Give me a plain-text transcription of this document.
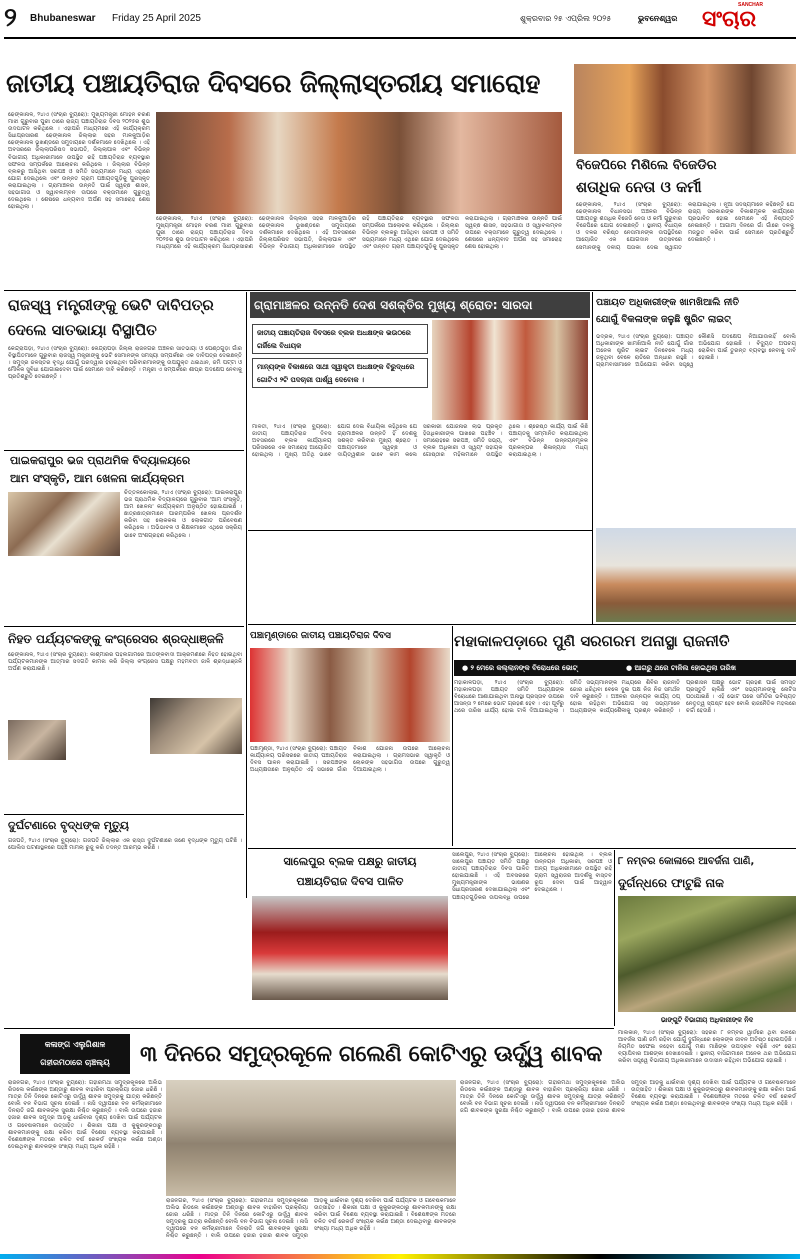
୨	Bhubaneswar	Friday 25 April 2025	ଶୁକ୍ରବାର ୨୫ ଏପ୍ରିଲ ୨୦୨୫	ଭୁବନେଶ୍ୱର
SANCHAR
ସଂଚାର
ଜାତୀୟ ପଞ୍ଚାୟତିରାଜ ଦିବସରେ ଜିଲ୍ଲାସ୍ତରୀୟ ସମାରୋହ
ଢେଙ୍କାନାଳ, ୨୪ାଏ (ସଂଚାର ବ୍ୟୁରୋ): ମୁଖ୍ୟମନ୍ତ୍ରୀ ମୋହନ ଚରଣ ମାଝୀ ଗୁରୁବାର ପୁରୀ ଠାରେ ରାଜ୍ୟ ପଞ୍ଚାୟତିରାଜ ଦିବସ ୨୦୨୫ର ଶୁଭ ଉଦଘାଟନ କରିଥିଲେ । ଏହାପରି ମାଧ୍ୟମରେ ଏହି କାର୍ଯ୍ୟକ୍ରମ ସିଧାପ୍ରସାରଣ ଢେଙ୍କାନାଳ ଜିଲ୍ଲାର ସହର ମାଳକୁଆଡ଼ିର ଢେଙ୍କାନାଳ ଭୂଖଣ୍ଡରେ ସମୁଦାୟରେ ଦର୍ଶକମାନେ ଦେଖିଥିଲେ । ଏହି ଅବସରରେ ଜିଲ୍ଲାପରିଷଦ ସଭାପତି, ଜିଲ୍ଲାପାଳ ଏବଂ ବିଭିନ୍ନ ବିଭାଗୀୟ ଅଧିକାରୀମାନେ ଉପସ୍ଥିତ ରହି ପଞ୍ଚାୟତିରାଜ ବ୍ୟବସ୍ଥାର ସଫଳତା ସମ୍ପର୍କରେ ଆଲୋଚନା କରିଥିଲେ । ଜିଲ୍ଲାର ବିଭିନ୍ନ ବ୍ଲକରୁ ଆସିଥିବା ସରପଞ୍ଚ ଓ ସମିତି ସଭ୍ୟମାନେ ମଧ୍ୟ ଏଥିରେ ଯୋଗ ଦେଇଥିଲେ ଏବଂ ଉନ୍ନତ ଗ୍ରାମ ପଞ୍ଚାୟତଗୁଡ଼ିକୁ ପୁରସ୍କୃତ କରାଯାଇଥିଲା । ଗ୍ରାମାଞ୍ଚଳର ଉନ୍ନତି ପାଇଁ ସ୍ୱଚ୍ଛ ଶାସନ, ସହଭାଗୀତା ଓ ସ୍ୱାବଲମ୍ବନ ଉପରେ ବକ୍ତାମାନେ ଗୁରୁତ୍ୱ ଦେଇଥିଲେ । ଶେଷରେ ଧନ୍ୟବାଦ ଅର୍ପଣ ସହ ସମାରୋହ ଶେଷ ହୋଇଥିଲା ।
ଢେଙ୍କାନାଳ, ୨୪ାଏ (ସଂଚାର ବ୍ୟୁରୋ): ମୁଖ୍ୟମନ୍ତ୍ରୀ ମୋହନ ଚରଣ ମାଝୀ ଗୁରୁବାର ପୁରୀ ଠାରେ ରାଜ୍ୟ ପଞ୍ଚାୟତିରାଜ ଦିବସ ୨୦୨୫ର ଶୁଭ ଉଦଘାଟନ କରିଥିଲେ । ଏହାପରି ମାଧ୍ୟମରେ ଏହି କାର୍ଯ୍ୟକ୍ରମ ସିଧାପ୍ରସାରଣ ଢେଙ୍କାନାଳ ଜିଲ୍ଲାର ସହର ମାଳକୁଆଡ଼ିର ଢେଙ୍କାନାଳ ଭୂଖଣ୍ଡରେ ସମୁଦାୟରେ ଦର୍ଶକମାନେ ଦେଖିଥିଲେ । ଏହି ଅବସରରେ ଜିଲ୍ଲାପରିଷଦ ସଭାପତି, ଜିଲ୍ଲାପାଳ ଏବଂ ବିଭିନ୍ନ ବିଭାଗୀୟ ଅଧିକାରୀମାନେ ଉପସ୍ଥିତ ରହି ପଞ୍ଚାୟତିରାଜ ବ୍ୟବସ୍ଥାର ସଫଳତା ସମ୍ପର୍କରେ ଆଲୋଚନା କରିଥିଲେ । ଜିଲ୍ଲାର ବିଭିନ୍ନ ବ୍ଲକରୁ ଆସିଥିବା ସରପଞ୍ଚ ଓ ସମିତି ସଭ୍ୟମାନେ ମଧ୍ୟ ଏଥିରେ ଯୋଗ ଦେଇଥିଲେ ଏବଂ ଉନ୍ନତ ଗ୍ରାମ ପଞ୍ଚାୟତଗୁଡ଼ିକୁ ପୁରସ୍କୃତ କରାଯାଇଥିଲା । ଗ୍ରାମାଞ୍ଚଳର ଉନ୍ନତି ପାଇଁ ସ୍ୱଚ୍ଛ ଶାସନ, ସହଭାଗୀତା ଓ ସ୍ୱାବଲମ୍ବନ ଉପରେ ବକ୍ତାମାନେ ଗୁରୁତ୍ୱ ଦେଇଥିଲେ । ଶେଷରେ ଧନ୍ୟବାଦ ଅର୍ପଣ ସହ ସମାରୋହ ଶେଷ ହୋଇଥିଲା ।
ବିଜେପିରେ ମିଶିଲେ ବିଜେଡିର
ଶତାଧିକ ନେତା ଓ କର୍ମୀ
ଢେଙ୍କାନାଳ, ୨୪ାଏ (ସଂଚାର ବ୍ୟୁରୋ): ଢେଙ୍କାନାଳ ବିଧାନସଭା ଅଞ୍ଚଳର ବିଭିନ୍ନ ପଞ୍ଚାୟତରୁ ଶତାଧିକ ବିଜେଡି ନେତା ଓ କର୍ମୀ ଗୁରୁବାର ବିଜେପିରେ ଯୋଗ ଦେଇଛନ୍ତି । ସ୍ଥାନୀୟ ବିଧାୟକ ଓ ଦଳର ବରିଷ୍ଠ ନେତାମାନଙ୍କ ଉପସ୍ଥିତିରେ ଆୟୋଜିତ ଏକ ଯୋଗଦାନ ଉତ୍ସବରେ ସେମାନଙ୍କୁ ଦଳୀୟ ପତାକା ଦେଇ ସ୍ୱାଗତ କରାଯାଇଥିଲା । ନୂଆ ସଦସ୍ୟମାନେ କହିଛନ୍ତି ଯେ ରାଜ୍ୟ ସରକାରଙ୍କ ବିକାଶମୂଳକ କାର୍ଯ୍ୟରେ ପ୍ରଭାବିତ ହୋଇ ସେମାନେ ଏହି ନିଷ୍ପତ୍ତି ନେଇଛନ୍ତି । ଆଗାମୀ ଦିନରେ ଗାଁ ଗାଁରେ ଦଳକୁ ମଜଭୁତ କରିବା ପାଇଁ ସେମାନେ ପ୍ରତିଶ୍ରୁତି ଦେଇଛନ୍ତି ।
ରାଜସ୍ୱ ମନ୍ତ୍ରୀଙ୍କୁ ଭେଟି ଦାବିପତ୍ର
ଦେଲେ ସାତଭାୟା ବିସ୍ଥାପିତ
କେନ୍ଦ୍ରାପଡ଼ା, ୨୪ାଏ (ସଂଚାର ବ୍ୟୁରୋ): କେନ୍ଦ୍ରାପଡ଼ା ଜିଲ୍ଲା ରାଜନଗର ଅଞ୍ଚଳର ସାତଭାୟା ଓ ପେଣ୍ଠଗୁଡ଼ା ଗାଁର ବିସ୍ଥାପିତମାନେ ଗୁରୁବାର ରାଜସ୍ୱ ମନ୍ତ୍ରୀଙ୍କୁ ଭେଟି ସେମାନଙ୍କ ସମସ୍ୟା ସମ୍ପର୍କରେ ଏକ ଦାବିପତ୍ର ଦେଇଛନ୍ତି । ସମୁଦ୍ର ଜଳସ୍ତର ବୃଦ୍ଧି ଯୋଗୁଁ ଘରଦ୍ୱାର ହରାଇଥିବା ପରିବାରମାନଙ୍କୁ ଉପଯୁକ୍ତ ଥଇଥାନ, ଜମି ପଟ୍ଟା ଓ ମୌଳିକ ସୁବିଧା ଯୋଗାଇଦେବା ପାଇଁ ସେମାନେ ଦାବି କରିଛନ୍ତି । ମନ୍ତ୍ରୀ ଏ ସମ୍ପର୍କରେ ଶୀଘ୍ର ପଦକ୍ଷେପ ନେବାକୁ ପ୍ରତିଶ୍ରୁତି ଦେଇଛନ୍ତି ।
ପାଇକରାପୁର ଭଜ ପ୍ରାଥମିକ ବିଦ୍ୟାଳୟରେ
ଆମ ସଂସ୍କୃତି, ଆମ ଖେଳନା କାର୍ଯ୍ୟକ୍ରମ
ଚିତ୍ତଳକୋଲାଇ, ୨୪ାଏ (ସଂଚାର ବ୍ୟୁରୋ): ପାଇକରାପୁର ଭଜ ପ୍ରାଥମିକ ବିଦ୍ୟାଳୟରେ ଗୁରୁବାର 'ଆମ ସଂସ୍କୃତି, ଆମ ଖେଳନା' କାର୍ଯ୍ୟକ୍ରମ ଅନୁଷ୍ଠିତ ହୋଇଯାଇଛି । ଛାତ୍ରଛାତ୍ରୀମାନେ ପାରମ୍ପରିକ ଖେଳନା ପ୍ରଦର୍ଶନ କରିବା ସହ ଲୋକକଳା ଓ ଲୋକଗୀତ ପରିବେଷଣ କରିଥିଲେ । ଅଭିଭାବକ ଓ ଶିକ୍ଷକମାନେ ଏଥିରେ ସକ୍ରିୟ ଭାବେ ଅଂଶଗ୍ରହଣ କରିଥିଲେ ।
ନିହତ ପର୍ଯ୍ୟଟକଙ୍କୁ କଂଗ୍ରେସର ଶ୍ରଦ୍ଧାଞ୍ଜଳି
ଢେଙ୍କାନାଳ, ୨୪ାଏ (ସଂଚାର ବ୍ୟୁରୋ): କାଶ୍ମୀରର ପହଲଗାମରେ ଆତଙ୍କବାଦୀ ଆକ୍ରମଣରେ ନିହତ ହୋଇଥିବା ପର୍ଯ୍ୟଟକମାନଙ୍କ ଆତ୍ମାର ସଦଗତି କାମନା କରି ଜିଲ୍ଲା କଂଗ୍ରେସ ପକ୍ଷରୁ ମହମବତୀ ଜାଳି ଶ୍ରଦ୍ଧାଞ୍ଜଳି ଅର୍ପଣ କରାଯାଇଛି ।
ଦୁର୍ଘଟଣାରେ ବୃଦ୍ଧଙ୍କ ମୃତ୍ୟୁ
ଗଜପତି, ୨୪ାଏ (ସଂଚାର ବ୍ୟୁରୋ): ଗଜପତି ଜିଲ୍ଲାର ଏକ ରାସ୍ତା ଦୁର୍ଘଟଣାରେ ଜଣେ ବୃଦ୍ଧଙ୍କ ମୃତ୍ୟୁ ଘଟିଛି । ପୋଲିସ ଘଟଣାସ୍ଥଳରେ ପହଞ୍ଚି ମାମଲା ରୁଜୁ କରି ତଦନ୍ତ ଆରମ୍ଭ କରିଛି ।
ଗ୍ରାମାଞ୍ଚଳର ଉନ୍ନତି ଦେଶ ସଶକ୍ତିର ମୁଖ୍ୟ ଶ୍ରୋତ: ସାରଦା
ଜାତୀୟ ପଞ୍ଚାୟତିରାଜ ଦିବସରେ ବ୍ଲକ ଅଧକ୍ଷଙ୍କ ଭଉଠରେ ଗର୍ଜିଲେ ବିଧାୟକ
ମାନ୍ୟଙ୍କ ବିକାଶରେ ସାଥୀ ସ୍ୱୀକୃତୀ ଅଧକ୍ଷଙ୍କ ବିରୁଦ୍ଧରେ ଗୋଟିଏ ୨ଟି ପଦଚାରୀ ପାର୍ଶ୍ୱ ଦେବୋକ ।
ମାଳତୀ, ୨୪ାଏ (ସଂଚାର ବ୍ୟୁରୋ): ଜାତୀୟ ପଞ୍ଚାୟତିରାଜ ଦିବସ ଅବସରରେ ବ୍ଲକ କାର୍ଯ୍ୟାଳୟ ପରିସରରେ ଏକ ସମାରୋହ ଆୟୋଜିତ ହୋଇଥିଲା । ମୁଖ୍ୟ ଅତିଥି ଭାବେ ଯୋଗ ଦେଇ ବିଧାୟିକା କହିଥିଲେ ଯେ ଗ୍ରାମାଞ୍ଚଳର ଉନ୍ନତି ହିଁ ଦେଶକୁ ସଶକ୍ତ କରିବାର ମୁଖ୍ୟ ଶ୍ରୋତ । ପଞ୍ଚାୟତମାନେ ସ୍ୱଚ୍ଛ ଓ ଦାୟିତ୍ୱଶୀଳ ଭାବେ କାମ କଲେ ସରକାରୀ ଯୋଜନାର ଲାଭ ପ୍ରକୃତ ହିତାଧିକାରୀଙ୍କ ପାଖରେ ପହଞ୍ଚିବ । ସମାରୋହରେ ସରପଞ୍ଚ, ସମିତି ସଭ୍ୟ, ବ୍ଲକ ଅଧିକାରୀ ଓ ସ୍ୱୟଂ ସହାୟକ ଗୋଷ୍ଠୀର ମହିଳାମାନେ ଉପସ୍ଥିତ ଥିଲେ । ଶ୍ରେଷ୍ଠ କାର୍ଯ୍ୟ ପାଇଁ କିଛି ପଞ୍ଚାୟତକୁ ସମ୍ମାନିତ କରାଯାଇଥିଲା ଏବଂ ବିଭିନ୍ନ ଉନ୍ନୟନମୂଳକ ପ୍ରକଳ୍ପର ଶିଳାନ୍ୟାସ ମଧ୍ୟ କରାଯାଇଥିଲା ।
ପଞ୍ଚାୟତ ଅଧିକାରୀଙ୍କ ଖାମଖିଆଲି ନୀତି
ଯୋଗୁଁ ବିକଳାଙ୍କ ଜଳୁଛି ଷ୍ଟ୍ରିଟ ଲାଇଟ୍
ଭଦ୍ରକ, ୨୪ାଏ (ସଂଚାର ବ୍ୟୁରୋ): ପଞ୍ଚାୟତ ଅଧିକାରୀଙ୍କ ଖାମଖିଆଲି ନୀତି ଯୋଗୁଁ ଗାଁର ଅନେକ ଷ୍ଟ୍ରିଟ ଲାଇଟ ଦିନବେଳେ ମଧ୍ୟ ଜଳୁଥିବା ବେଳେ ରାତିରେ ଅନ୍ଧାର ରହୁଛି । ଗ୍ରାମବାସୀମାନେ ଅଭିଯୋଗ କରିବା ସତ୍ତ୍ୱେ କୌଣସି ପଦକ୍ଷେପ ନିଆଯାଉନାହିଁ ବୋଲି ଅଭିଯୋଗ ହୋଇଛି । ବିଦ୍ୟୁତ ଅପଚୟ ରୋକିବା ପାଇଁ ତୁରନ୍ତ ବ୍ୟବସ୍ଥା ନେବାକୁ ଦାବି ହୋଇଛି ।
ପଞ୍ଚାମୃଣ୍ଡାରେ ଜାତୀୟ ପଞ୍ଚାୟତିରାଜ ଦିବସ
ପଞ୍ଚାମୃଣ୍ଡା, ୨୪ାଏ (ସଂଚାର ବ୍ୟୁରୋ): ପଞ୍ଚାୟତ କାର୍ଯ୍ୟାଳୟ ପରିସରରେ ଜାତୀୟ ପଞ୍ଚାୟତିରାଜ ଦିବସ ପାଳନ କରାଯାଇଛି । ସରପଞ୍ଚଙ୍କ ଅଧ୍ୟକ୍ଷତାରେ ଅନୁଷ୍ଠିତ ଏହି ସଭାରେ ଗାଁର ବିକାଶ ଯୋଜନା ଉପରେ ଆଲୋଚନା କରାଯାଇଥିଲା । ଗ୍ରାମସଭାର ସ୍ୱୀକୃତି ଓ ଲୋକଙ୍କ ସହଭାଗିତା ଉପରେ ଗୁରୁତ୍ୱ ଦିଆଯାଇଥିଲା ।
ମହାକାଳପଡ଼ାରେ ପୁଣି ସରଗରମ ଅନାସ୍ଥା ରାଜନୀତି
● ୨ ମେରେ କଲ୍ଲାନଙ୍କ ବିରୋଧରେ ଭୋଟ୍	● ଆଗରୁ ଥରେ ଟାଳିଲ ହୋଇଥିଲା ତାରିଖ
ମହାକାଳପଡ଼ା, ୨୪ାଏ (ସଂଚାର ବ୍ୟୁରୋ): ମହାକାଳପଡ଼ା ପଞ୍ଚାୟତ ସମିତି ଅଧ୍ୟକ୍ଷଙ୍କ ବିରୋଧରେ ଆଣାଯାଇଥିବା ଅନାସ୍ଥା ପ୍ରସ୍ତାବ ଉପରେ ଆସନ୍ତା ୨ ମେରେ ଭୋଟ ଗ୍ରହଣ ହେବ । ଏହା ପୂର୍ବରୁ ଥରେ ତାରିଖ ଧାର୍ଯ୍ୟ ହୋଇ ଟାଳି ଦିଆଯାଇଥିଲା । ସମିତି ସଭ୍ୟମାନଙ୍କ ମଧ୍ୟରେ ଶିବିର ରାଜନୀତି ଜୋର ଧରିଥିବା ବେଳେ ଦୁଇ ପକ୍ଷ ନିଜ ନିଜ ସମର୍ଥନ ଦାବି କରୁଛନ୍ତି । ଅଞ୍ଚଳର ଉନ୍ନୟନ କାର୍ଯ୍ୟ ଠପ୍ ହୋଇ ରହିଥିବା ଅଭିଯୋଗ ସହ ସଭ୍ୟମାନେ ଅଧ୍ୟକ୍ଷଙ୍କ କାର୍ଯ୍ୟଶୈଳୀକୁ ପ୍ରଶ୍ନ କରିଛନ୍ତି । ପ୍ରଶାସନ ପକ୍ଷରୁ ଭୋଟ ଗ୍ରହଣ ପାଇଁ ସମସ୍ତ ପ୍ରସ୍ତୁତି ଚାଲିଛି ଏବଂ ସଭ୍ୟମାନଙ୍କୁ ନୋଟିସ ପଠାଯାଇଛି । ଏହି ଭୋଟ ପରେ ସମିତିର ଭବିଷ୍ୟତ ନେତୃତ୍ୱ ସ୍ପଷ୍ଟ ହେବ ବୋଲି ରାଜନୈତିକ ମହଲରେ ଚର୍ଚ୍ଚା ହେଉଛି ।
ସାଲେପୁର ବ୍ଲକ ପକ୍ଷରୁ ଜାତୀୟ
ପଞ୍ଚାୟତିରାଜ ଦିବସ ପାଳିତ
ସାଲେପୁର, ୨୪ାଏ (ସଂଚାର ବ୍ୟୁରୋ): ସାଲେପୁର ପଞ୍ଚାୟତ ସମିତି ପକ୍ଷରୁ ଜାତୀୟ ପଞ୍ଚାୟତିରାଜ ଦିବସ ପାଳିତ ହୋଇଯାଇଛି । ଏହି ଅବସରରେ ମୁଖ୍ୟମନ୍ତ୍ରୀଙ୍କ ଭାଷଣର ସିଧାପ୍ରସାରଣ ଦେଖାଯାଇଥିଲା ଏବଂ ପଞ୍ଚାୟତଗୁଡ଼ିକର ଉପଲବ୍ଧି ଉପରେ ଆଲୋଚନା ହୋଇଥିଲା । ବ୍ଲକ ଉନ୍ନୟନ ଅଧିକାରୀ, ସରପଞ୍ଚ ଓ ଅନ୍ୟ ଅଧିକାରୀମାନେ ଉପସ୍ଥିତ ରହି ଗ୍ରାମ ସ୍ୱରାଜର ଆଦର୍ଶକୁ ବାସ୍ତବ ରୂପ ଦେବା ପାଇଁ ଆହ୍ୱାନ ଦେଇଥିଲେ ।
୮ ନମ୍ବର କୋଳାରେ ଆବର୍ଜନା ପାଣି,
ଦୁର୍ଗନ୍ଧରେ ଫାଟୁଛି ନାକ
ଭାଙ୍ଗୁଟି ବିଭାଗୀୟ ଅଧିକାରୀଙ୍କ ନିଦ
ମାଲକାନ, ୨୪ାଏ (ସଂଚାର ବ୍ୟୁରୋ): ସହରର ୮ ନମ୍ବର ୱାର୍ଡରେ ଥିବା ନାଳରେ ଆବର୍ଜନା ପାଣି ଜମି ରହିବା ଯୋଗୁଁ ଦୁର୍ଗନ୍ଧରେ ଲୋକଙ୍କ ଜୀବନ ଅତିଷ୍ଠ ହୋଇପଡ଼ିଛି । ନିୟମିତ ସଫେଇ ନହେବା ଯୋଗୁଁ ମଶା ମାଛିଙ୍କ ଉପଦ୍ରବ ବଢ଼ିଛି ଏବଂ ରୋଗ ବ୍ୟାପିବାର ଆଶଙ୍କା ଦେଖାଦେଇଛି । ସ୍ଥାନୀୟ ବାସିନ୍ଦାମାନେ ଅନେକ ଥର ଅଭିଯୋଗ କରିବା ସତ୍ତ୍ୱେ ବିଭାଗୀୟ ଅଧିକାରୀମାନେ ଉଦାସୀନ ରହିଥିବା ଅଭିଯୋଗ ହୋଇଛି ।
କଳାଙ୍ଗ ଏଲୁଗିଶାଳ
ଗହୀରମଠାରେ ଚାଞ୍ଚଲ୍ୟ	୩ ଦିନରେ ସମୁଦ୍ରକୂଳେ ଗଲେଣି କୋଟିଏରୁ ଊର୍ଦ୍ଧ୍ୱ ଶାବକ
ରାଜନଗର, ୨୪ାଏ (ସଂଚାର ବ୍ୟୁରୋ): ଗହୀରମଥା ସମୁଦ୍ରକୂଳରେ ଅଲିଭ ରିଡଲେ କଇଁଛଙ୍କ ଅଣ୍ଡାରୁ ଶାବକ ବାହାରିବା ପ୍ରକ୍ରିୟା ଜୋର ଧରିଛି । ମାତ୍ର ତିନି ଦିନରେ କୋଟିଏରୁ ଊର୍ଦ୍ଧ୍ୱ ଶାବକ ସମୁଦ୍ରକୁ ଯାତ୍ରା କରିଛନ୍ତି ବୋଲି ବନ ବିଭାଗ ସୂଚନା ଦେଇଛି । ନାସି ଦ୍ୱୀପରେ ବନ କର୍ମଚାରୀମାନେ ଦିନରାତି ଜଗି ଶାବକଙ୍କ ସୁରକ୍ଷା ନିଶ୍ଚିତ କରୁଛନ୍ତି । ବାଲି ଉପରେ ହଜାର ହଜାର ଶାବକ ସମୁଦ୍ର ଆଡ଼କୁ ଧାଇଁବାର ଦୃଶ୍ୟ ଦେଖିବା ପାଇଁ ପର୍ଯ୍ୟଟକ ଓ ଗବେଷକମାନେ ଉତ୍ସାହିତ । ଶିକାରୀ ପକ୍ଷୀ ଓ କୁକୁରଙ୍କଠାରୁ ଶାବକମାନଙ୍କୁ ରକ୍ଷା କରିବା ପାଇଁ ବିଶେଷ ବ୍ୟବସ୍ଥା କରାଯାଇଛି । ବିଶେଷଜ୍ଞଙ୍କ ମତରେ ଚଳିତ ବର୍ଷ ରେକର୍ଡ ସଂଖ୍ୟକ କଇଁଛ ଅଣ୍ଡା ଦେଇଥିବାରୁ ଶାବକଙ୍କ ସଂଖ୍ୟା ମଧ୍ୟ ଅଧିକ ରହିଛି ।
ରାଜନଗର, ୨୪ାଏ (ସଂଚାର ବ୍ୟୁରୋ): ଗହୀରମଥା ସମୁଦ୍ରକୂଳରେ ଅଲିଭ ରିଡଲେ କଇଁଛଙ୍କ ଅଣ୍ଡାରୁ ଶାବକ ବାହାରିବା ପ୍ରକ୍ରିୟା ଜୋର ଧରିଛି । ମାତ୍ର ତିନି ଦିନରେ କୋଟିଏରୁ ଊର୍ଦ୍ଧ୍ୱ ଶାବକ ସମୁଦ୍ରକୁ ଯାତ୍ରା କରିଛନ୍ତି ବୋଲି ବନ ବିଭାଗ ସୂଚନା ଦେଇଛି । ନାସି ଦ୍ୱୀପରେ ବନ କର୍ମଚାରୀମାନେ ଦିନରାତି ଜଗି ଶାବକଙ୍କ ସୁରକ୍ଷା ନିଶ୍ଚିତ କରୁଛନ୍ତି । ବାଲି ଉପରେ ହଜାର ହଜାର ଶାବକ ସମୁଦ୍ର ଆଡ଼କୁ ଧାଇଁବାର ଦୃଶ୍ୟ ଦେଖିବା ପାଇଁ ପର୍ଯ୍ୟଟକ ଓ ଗବେଷକମାନେ ଉତ୍ସାହିତ । ଶିକାରୀ ପକ୍ଷୀ ଓ କୁକୁରଙ୍କଠାରୁ ଶାବକମାନଙ୍କୁ ରକ୍ଷା କରିବା ପାଇଁ ବିଶେଷ ବ୍ୟବସ୍ଥା କରାଯାଇଛି । ବିଶେଷଜ୍ଞଙ୍କ ମତରେ ଚଳିତ ବର୍ଷ ରେକର୍ଡ ସଂଖ୍ୟକ କଇଁଛ ଅଣ୍ଡା ଦେଇଥିବାରୁ ଶାବକଙ୍କ ସଂଖ୍ୟା ମଧ୍ୟ ଅଧିକ ରହିଛି ।
ରାଜନଗର, ୨୪ାଏ (ସଂଚାର ବ୍ୟୁରୋ): ଗହୀରମଥା ସମୁଦ୍ରକୂଳରେ ଅଲିଭ ରିଡଲେ କଇଁଛଙ୍କ ଅଣ୍ଡାରୁ ଶାବକ ବାହାରିବା ପ୍ରକ୍ରିୟା ଜୋର ଧରିଛି । ମାତ୍ର ତିନି ଦିନରେ କୋଟିଏରୁ ଊର୍ଦ୍ଧ୍ୱ ଶାବକ ସମୁଦ୍ରକୁ ଯାତ୍ରା କରିଛନ୍ତି ବୋଲି ବନ ବିଭାଗ ସୂଚନା ଦେଇଛି । ନାସି ଦ୍ୱୀପରେ ବନ କର୍ମଚାରୀମାନେ ଦିନରାତି ଜଗି ଶାବକଙ୍କ ସୁରକ୍ଷା ନିଶ୍ଚିତ କରୁଛନ୍ତି । ବାଲି ଉପରେ ହଜାର ହଜାର ଶାବକ ସମୁଦ୍ର ଆଡ଼କୁ ଧାଇଁବାର ଦୃଶ୍ୟ ଦେଖିବା ପାଇଁ ପର୍ଯ୍ୟଟକ ଓ ଗବେଷକମାନେ ଉତ୍ସାହିତ । ଶିକାରୀ ପକ୍ଷୀ ଓ କୁକୁରଙ୍କଠାରୁ ଶାବକମାନଙ୍କୁ ରକ୍ଷା କରିବା ପାଇଁ ବିଶେଷ ବ୍ୟବସ୍ଥା କରାଯାଇଛି । ବିଶେଷଜ୍ଞଙ୍କ ମତରେ ଚଳିତ ବର୍ଷ ରେକର୍ଡ ସଂଖ୍ୟକ କଇଁଛ ଅଣ୍ଡା ଦେଇଥିବାରୁ ଶାବକଙ୍କ ସଂଖ୍ୟା ମଧ୍ୟ ଅଧିକ ରହିଛି ।
